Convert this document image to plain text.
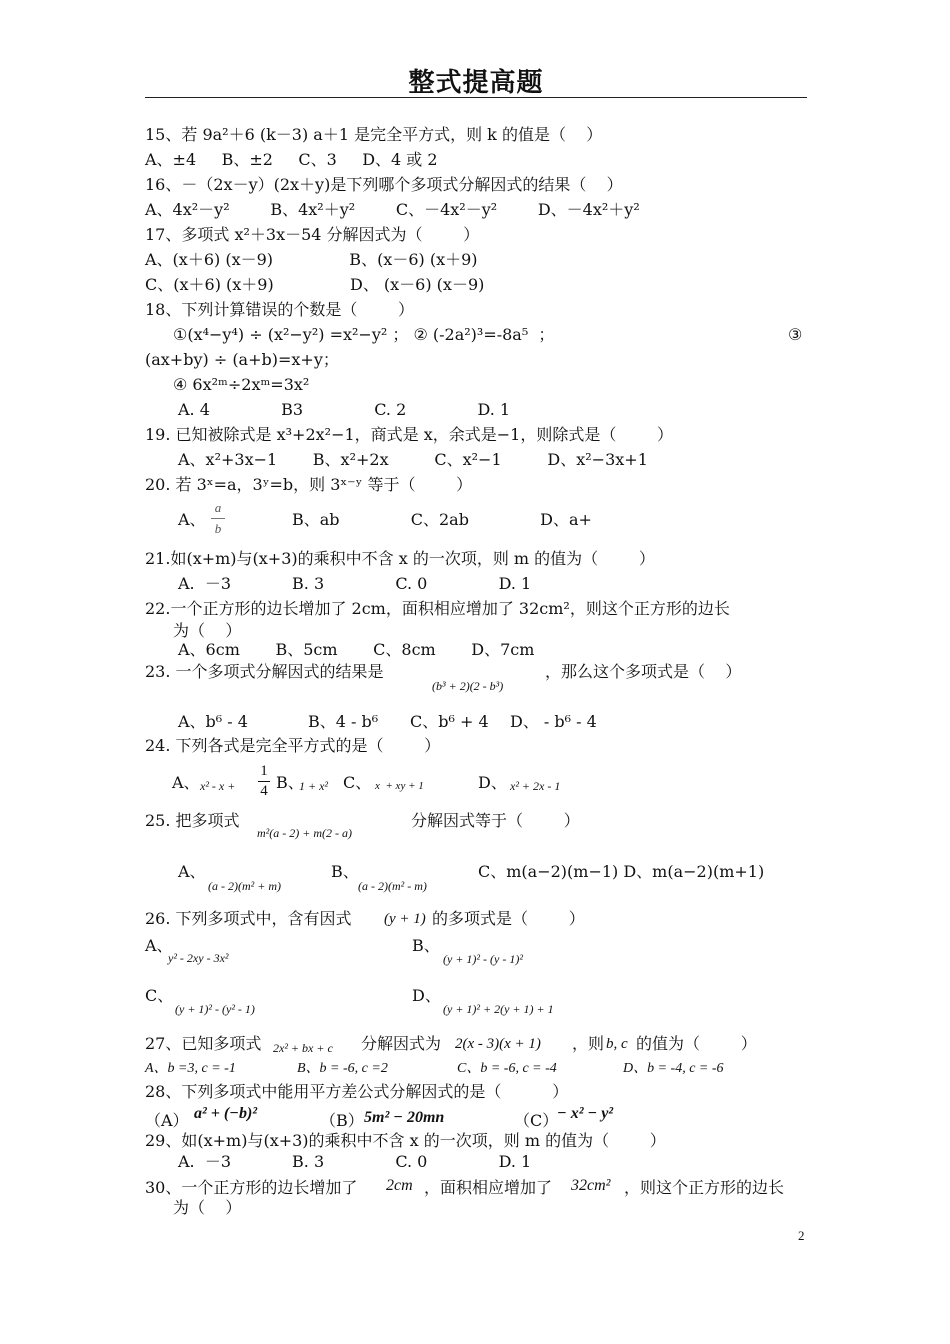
整式提高题
15、若 9a²＋6 (k－3) a＋1 是完全平方式，则 k 的值是（    ）
A、±4     B、±2     C、3     D、4 或 2
16、－（2x－y）(2x＋y)是下列哪个多项式分解因式的结果（    ）
A、4x²－y²        B、4x²＋y²        C、－4x²－y²        D、－4x²＋y²
17、多项式 x²＋3x－54 分解因式为（        ）
A、(x＋6) (x－9)               B、(x－6) (x＋9)
C、(x＋6) (x＋9)               D、 (x－6) (x－9)
18、下列计算错误的个数是（        ）
①(x⁴−y⁴) ÷ (x²−y²) =x²−y² ； ② (-2a²)³=-8a⁵  ；	③
(ax+by) ÷ (a+b)=x+y；
④ 6x²ᵐ÷2xᵐ=3x²
A. 4              B3              C. 2              D. 1
19. 已知被除式是 x³+2x²−1，商式是 x，余式是−1，则除式是（        ）
A、x²+3x−1       B、x²+2x         C、x²−1         D、x²−3x+1
20. 若 3ˣ=a，3ʸ=b，则 3ˣ⁻ʸ 等于（        ）
A、
a
b	B、ab              C、2ab              D、a+
21.如(x+m)与(x+3)的乘积中不含 x 的一次项，则 m 的值为（        ）
A.  －3            B. 3              C. 0              D. 1
22.一个正方形的边长增加了 2cm，面积相应增加了 32cm²，则这个正方形的边长
为（    ）
A、6cm       B、5cm       C、8cm       D、7cm
23. 一个多项式分解因式的结果是
(b³ + 2)(2 - b³)
，那么这个多项式是（    ）
A、b⁶ - 4	B、4 - b⁶ C、b⁶ + 4 D、 - b⁶ - 4
24. 下列各式是完全平方式的是（        ）
A、 x² - x +
1
4 B、
1 + x² C、 x  + xy + 1	D、 x² + 2x - 1
25. 把多项式
m²(a - 2) + m(2 - a)
分解因式等于（        ）
A、
(a - 2)(m² + m)
B、
(a - 2)(m² - m)
C、m(a−2)(m−1) D、m(a−2)(m+1)
26. 下列多项式中，含有因式 (y + 1) 的多项式是（        ）
A、
y² - 2xy - 3x²
B、
(y + 1)² - (y - 1)²
C、
(y + 1)² - (y² - 1)
D、
(y + 1)² + 2(y + 1) + 1
27、已知多项式 2x² + bx + c 分解因式为 2(x - 3)(x + 1) ，则 b, c 的值为（        ）
A、b =3, c = -1	B、b = -6, c =2	C、b = -6, c = -4	D、b = -4, c = -6
28、下列多项式中能用平方差公式分解因式的是（          ）
（A） a² + (−b)²	（B） 5m² − 20mn	（C）
− x² − y²
29、如(x+m)与(x+3)的乘积中不含 x 的一次项，则 m 的值为（        ）
A.  －3            B. 3              C. 0              D. 1
30、一个正方形的边长增加了 2cm ，面积相应增加了 32cm² ，则这个正方形的边长
为（    ）
2
